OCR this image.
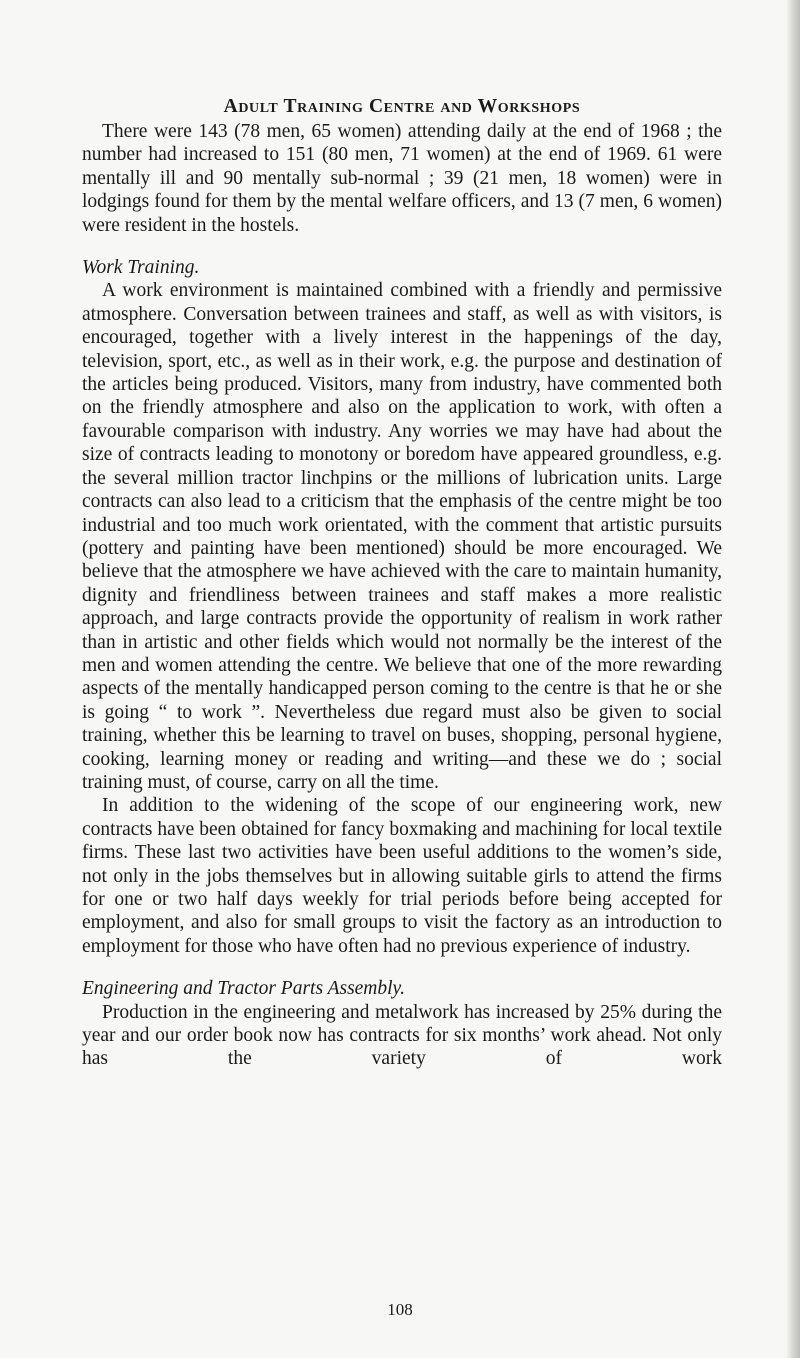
Adult Training Centre and Workshops

There were 143 (78 men, 65 women) attending daily at the end of 1968 ; the number had increased to 151 (80 men, 71 women) at the end of 1969. 61 were mentally ill and 90 mentally sub-normal ; 39 (21 men, 18 women) were in lodgings found for them by the mental welfare officers, and 13 (7 men, 6 women) were resident in the hostels.

Work Training.

A work environment is maintained combined with a friendly and permissive atmosphere. Conversation between trainees and staff, as well as with visitors, is encouraged, together with a lively interest in the happenings of the day, television, sport, etc., as well as in their work, e.g. the purpose and destination of the articles being produced. Visitors, many from industry, have commented both on the friendly atmosphere and also on the application to work, with often a favourable comparison with industry. Any worries we may have had about the size of contracts leading to monotony or boredom have appeared groundless, e.g. the several million tractor linchpins or the millions of lubrication units. Large contracts can also lead to a criticism that the emphasis of the centre might be too industrial and too much work orientated, with the comment that artistic pursuits (pottery and painting have been mentioned) should be more encouraged. We believe that the atmosphere we have achieved with the care to maintain humanity, dignity and friendliness between trainees and staff makes a more realistic approach, and large contracts provide the opportunity of realism in work rather than in artistic and other fields which would not normally be the interest of the men and women attending the centre. We believe that one of the more rewarding aspects of the mentally handicapped person coming to the centre is that he or she is going “ to work ”. Nevertheless due regard must also be given to social training, whether this be learning to travel on buses, shopping, personal hygiene, cooking, learning money or reading and writing—and these we do ; social training must, of course, carry on all the time.

In addition to the widening of the scope of our engineering work, new contracts have been obtained for fancy boxmaking and machining for local textile firms. These last two activities have been useful additions to the women’s side, not only in the jobs themselves but in allowing suitable girls to attend the firms for one or two half days weekly for trial periods before being accepted for employment, and also for small groups to visit the factory as an introduction to employment for those who have often had no previous experience of industry.

Engineering and Tractor Parts Assembly.

Production in the engineering and metalwork has increased by 25% during the year and our order book now has contracts for six months’ work ahead. Not only has the variety of work

108
